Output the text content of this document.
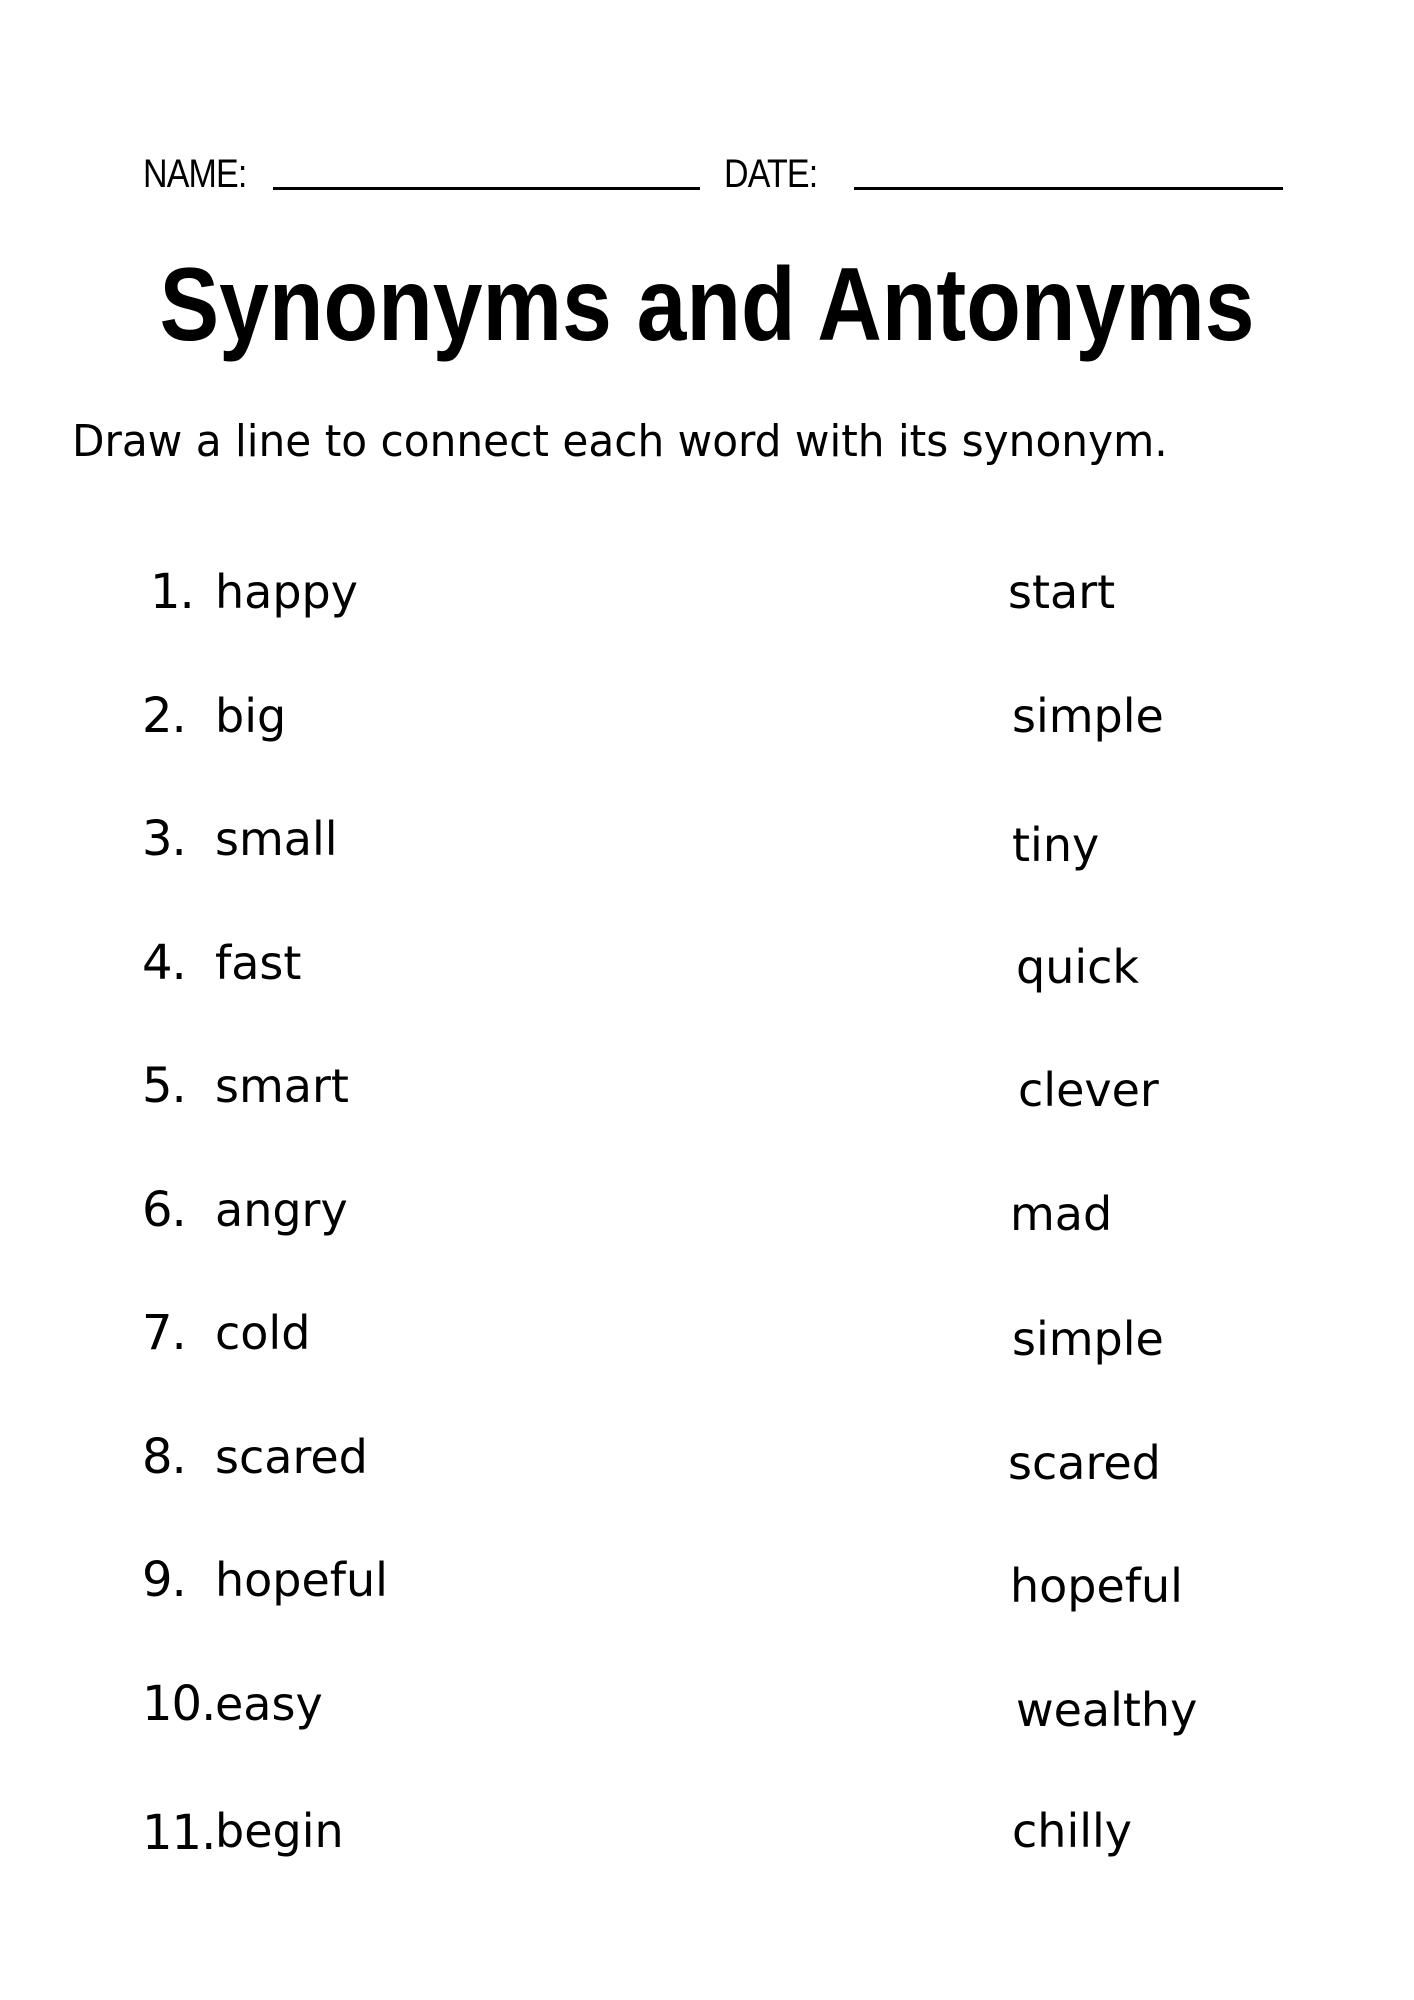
NAME:	DATE:
Synonyms and Antonyms

Draw a line to connect each word with its synonym.

1. happy	start
2. big	simple
3. small	tiny
4. fast	quick
5. smart	clever
6. angry	mad
7. cold	simple
8. scared	scared
9. hopeful	hopeful
10. easy	wealthy
11. begin	chilly
